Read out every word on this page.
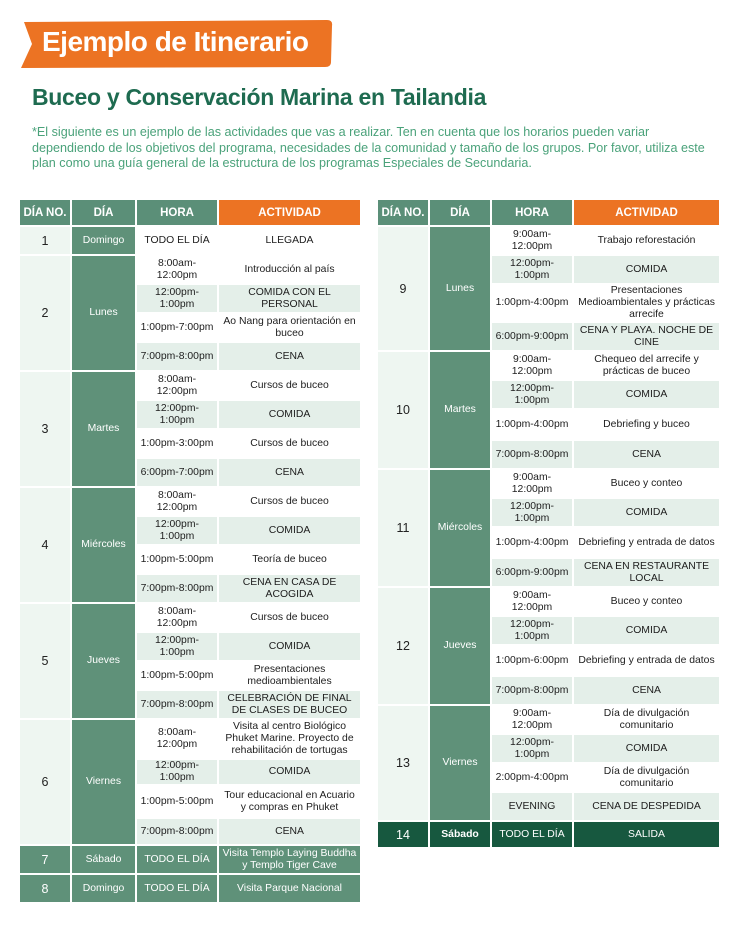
Ejemplo de Itinerario
Buceo y Conservación Marina en Tailandia
*El siguiente es un ejemplo de las actividades que vas a realizar. Ten en cuenta que los horarios pueden variar dependiendo de los objetivos del programa, necesidades de la comunidad y tamaño de los grupos. Por favor, utiliza este plan como una guía general de la estructura de los programas Especiales de Secundaria.
DÍA NO.	DÍA	HORA	ACTIVIDAD
1	Domingo	TODO EL DÍA	LLEGADA
2	Lunes	8:00am-12:00pm	Introducción al país
		12:00pm-1:00pm	COMIDA CON EL PERSONAL
		1:00pm-7:00pm	Ao Nang para orientación en buceo
		7:00pm-8:00pm	CENA
3	Martes	8:00am-12:00pm	Cursos de buceo
		12:00pm-1:00pm	COMIDA
		1:00pm-3:00pm	Cursos de buceo
		6:00pm-7:00pm	CENA
4	Miércoles	8:00am-12:00pm	Cursos de buceo
		12:00pm-1:00pm	COMIDA
		1:00pm-5:00pm	Teoría de buceo
		7:00pm-8:00pm	CENA EN CASA DE ACOGIDA
5	Jueves	8:00am-12:00pm	Cursos de buceo
		12:00pm-1:00pm	COMIDA
		1:00pm-5:00pm	Presentaciones medioambientales
		7:00pm-8:00pm	CELEBRACIÓN DE FINAL DE CLASES DE BUCEO
6	Viernes	8:00am-12:00pm	Visita al centro Biológico Phuket Marine. Proyecto de rehabilitación de tortugas
		12:00pm-1:00pm	COMIDA
		1:00pm-5:00pm	Tour educacional en Acuario y compras en Phuket
		7:00pm-8:00pm	CENA
7	Sábado	TODO EL DÍA	Visita Templo Laying Buddha y Templo Tiger Cave
8	Domingo	TODO EL DÍA	Visita Parque Nacional
DÍA NO.	DÍA	HORA	ACTIVIDAD
9	Lunes	9:00am-12:00pm	Trabajo reforestación
		12:00pm-1:00pm	COMIDA
		1:00pm-4:00pm	Presentaciones Medioambientales y prácticas arrecife
		6:00pm-9:00pm	CENA Y PLAYA. NOCHE DE CINE
10	Martes	9:00am-12:00pm	Chequeo del arrecife y prácticas de buceo
		12:00pm-1:00pm	COMIDA
		1:00pm-4:00pm	Debriefing y buceo
		7:00pm-8:00pm	CENA
11	Miércoles	9:00am-12:00pm	Buceo y conteo
		12:00pm-1:00pm	COMIDA
		1:00pm-4:00pm	Debriefing y entrada de datos
		6:00pm-9:00pm	CENA EN RESTAURANTE LOCAL
12	Jueves	9:00am-12:00pm	Buceo y conteo
		12:00pm-1:00pm	COMIDA
		1:00pm-6:00pm	Debriefing y entrada de datos
		7:00pm-8:00pm	CENA
13	Viernes	9:00am-12:00pm	Día de divulgación comunitario
		12:00pm-1:00pm	COMIDA
		2:00pm-4:00pm	Día de divulgación comunitario
		EVENING	CENA DE DESPEDIDA
14	Sábado	TODO EL DÍA	SALIDA
